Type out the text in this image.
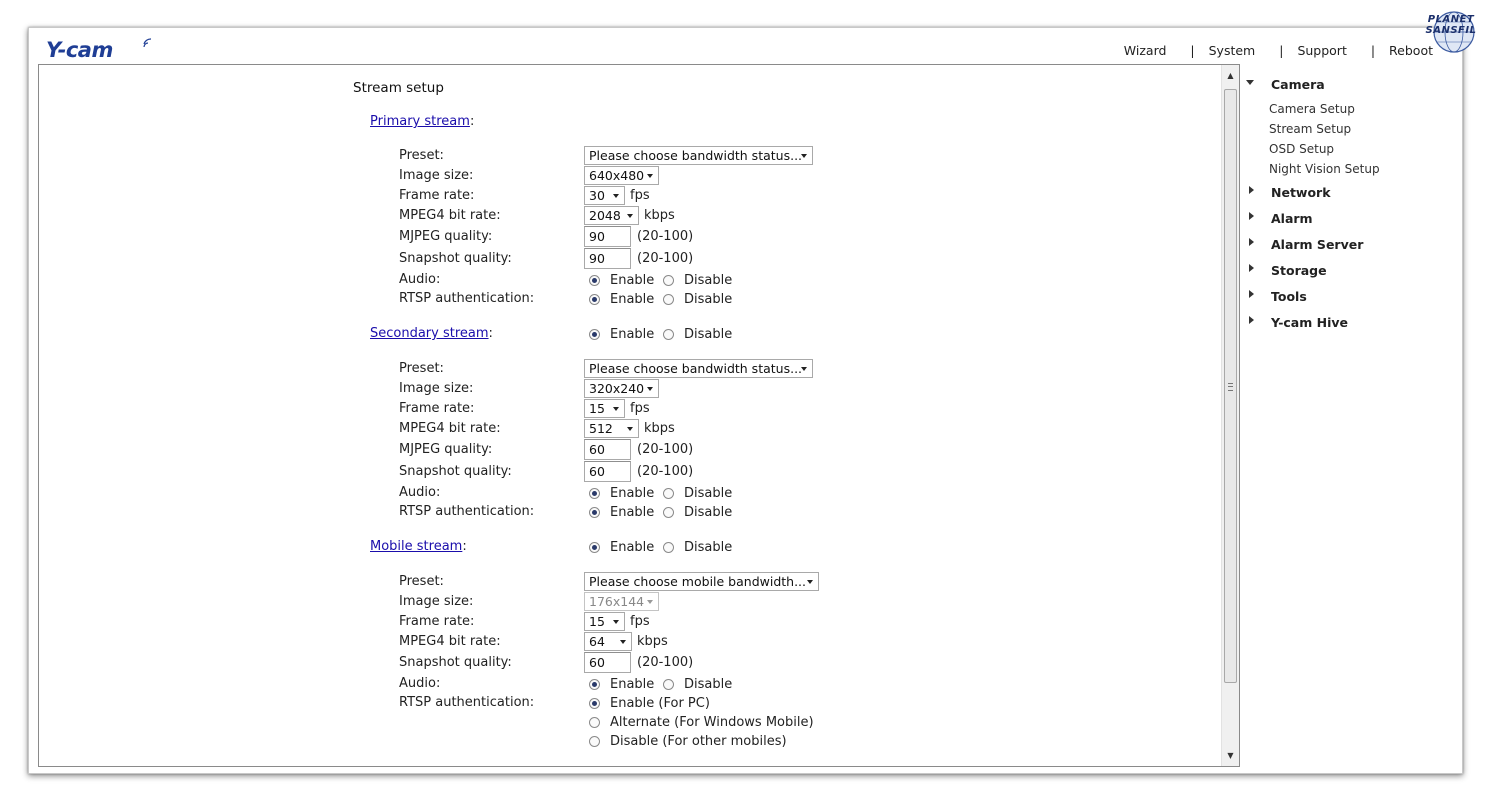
Y-cam	Wizard | System | Support | Reboot
PLANET SANSFIL
▲
▼
Stream setup
Primary stream:
Preset:	Please choose bandwidth status...
Image size:	640x480
Frame rate:	30	fps
MPEG4 bit rate:	2048	kbps
MJPEG quality:	90	(20-100)
Snapshot quality:	90	(20-100)
Audio:	Enable Disable
RTSP authentication:	Enable Disable
Secondary stream:	Enable Disable
Preset:	Please choose bandwidth status...
Image size:	320x240
Frame rate:	15	fps
MPEG4 bit rate:	512	kbps
MJPEG quality:	60	(20-100)
Snapshot quality:	60	(20-100)
Audio:	Enable Disable
RTSP authentication:	Enable Disable
Mobile stream:	Enable Disable
Preset:	Please choose mobile bandwidth...
Image size:	176x144
Frame rate:	15	fps
MPEG4 bit rate:	64	kbps
Snapshot quality:	60	(20-100)
Audio:	Enable Disable
RTSP authentication:	Enable (For PC)
Alternate (For Windows Mobile)
Disable (For other mobiles)
Camera
Camera Setup
Stream Setup
OSD Setup
Night Vision Setup
Network
Alarm
Alarm Server
Storage
Tools
Y-cam Hive
